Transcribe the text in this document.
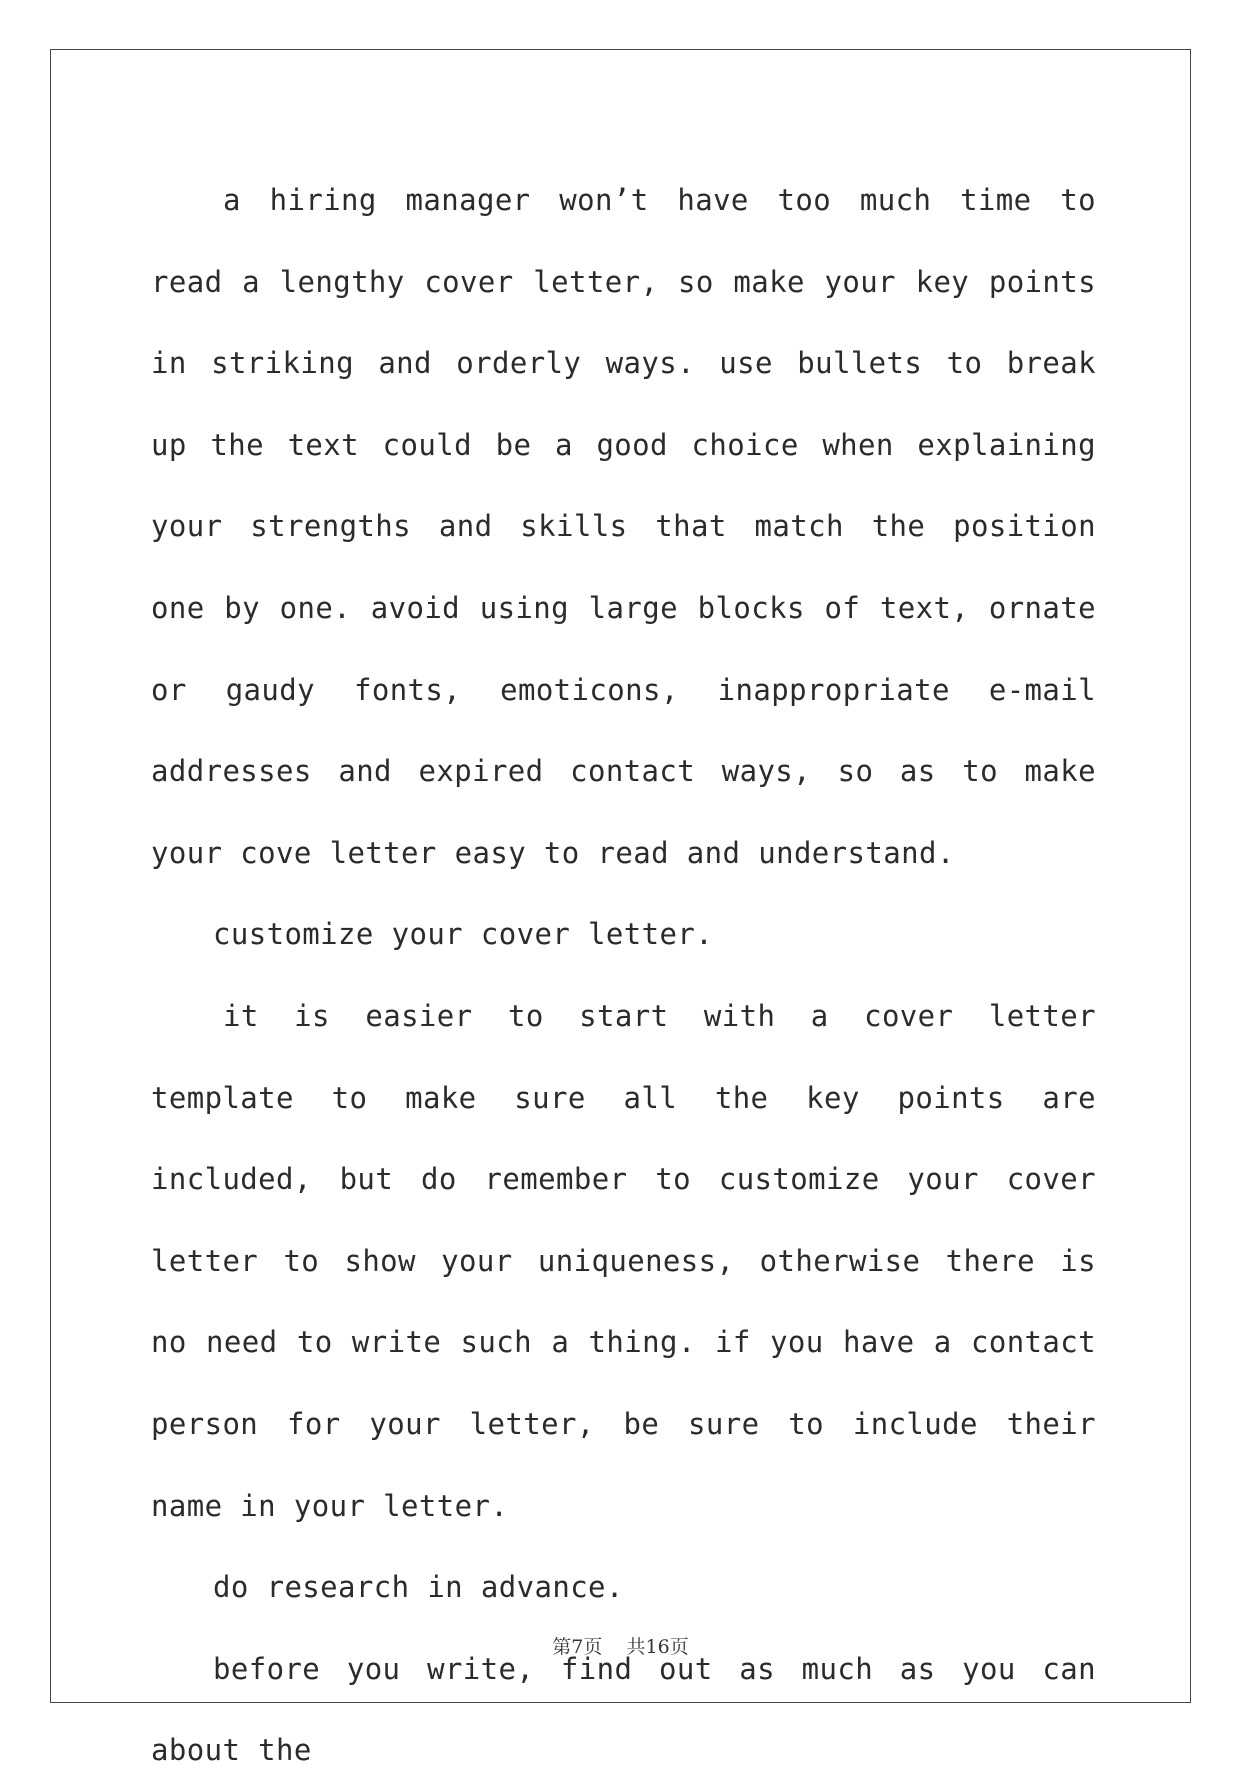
a hiring manager won’t have too much time to read a lengthy cover letter, so make your key points in striking and orderly ways. use bullets to break up the text could be a good choice when explaining your strengths and skills that match the position one by one. avoid using large blocks of text, ornate or gaudy fonts, emoticons, inappropriate e-mail addresses and expired contact ways, so as to make your cove letter easy to read and understand.

customize your cover letter.

it is easier to start with a cover letter template to make sure all the key points are included, but do remember to customize your cover letter to show your uniqueness, otherwise there is no need to write such a thing. if you have a contact person for your letter, be sure to include their name in your letter.

do research in advance.

before you write, find out as much as you can about the

第7页 共16页
